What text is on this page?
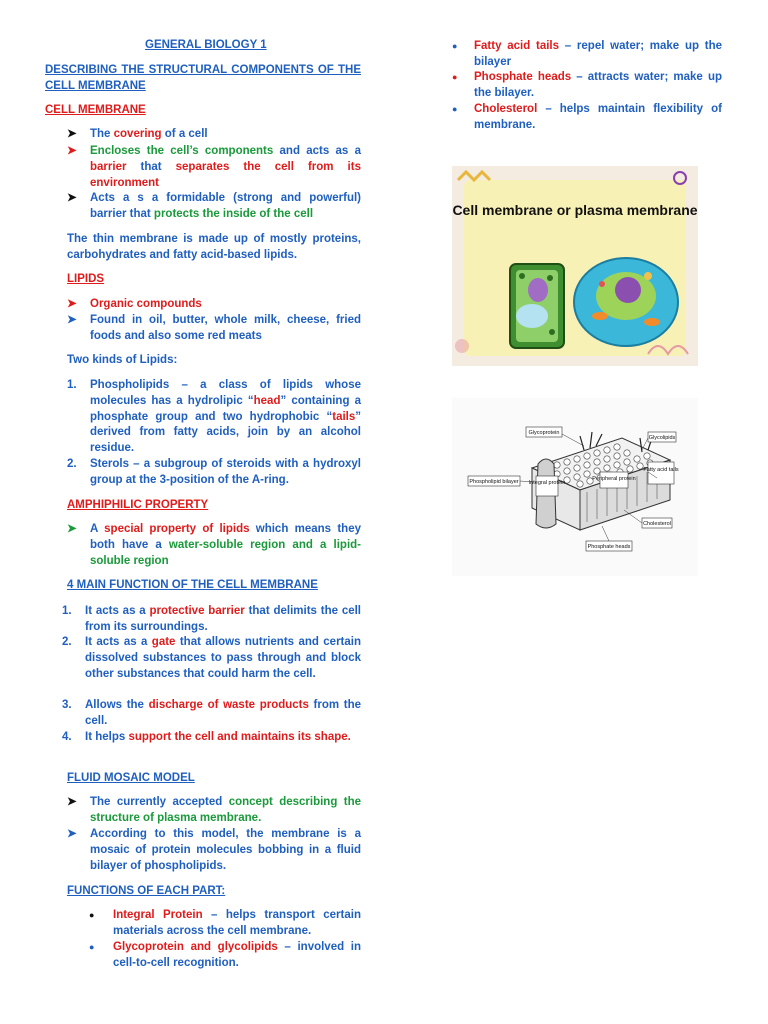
GENERAL BIOLOGY 1
DESCRIBING THE STRUCTURAL COMPONENTS OF THE CELL MEMBRANE
CELL MEMBRANE
➤	The covering of a cell
➤	Encloses the cell’s components and acts as a barrier that separates the cell from its environment
➤	Acts a s a formidable (strong and powerful) barrier that protects the inside of the cell
The thin membrane is made up of mostly proteins, carbohydrates and fatty acid-based lipids.
LIPIDS
➤	Organic compounds
➤	Found in oil, butter, whole milk, cheese, fried foods and also some red meats
Two kinds of Lipids:
1. Phospholipids – a class of lipids whose molecules has a hydrolipic “head” containing a phosphate group and two hydrophobic “tails” derived from fatty acids, join by an alcohol residue.
2. Sterols – a subgroup of steroids with a hydroxyl group at the 3-position of the A-ring.
AMPHIPHILIC PROPERTY
➤	A special property of lipids which means they both have a water-soluble region and a lipid-soluble region
4 MAIN FUNCTION OF THE CELL MEMBRANE
1. It acts as a protective barrier that delimits the cell from its surroundings.
2. It acts as a gate that allows nutrients and certain dissolved substances to pass through and block other substances that could harm the cell.
3. Allows the discharge of waste products from the cell.
4. It helps support the cell and maintains its shape.
FLUID MOSAIC MODEL
➤	The currently accepted concept describing the structure of plasma membrane.
➤	According to this model, the membrane is a mosaic of protein molecules bobbing in a fluid bilayer of phospholipids.
FUNCTIONS OF EACH PART:
●	Integral Protein – helps transport certain materials across the cell membrane.
●	Glycoprotein and glycolipids – involved in cell-to-cell recognition.
●	Fatty acid tails – repel water; make up the bilayer
●	Phosphate heads – attracts water; make up the bilayer.
●	Cholesterol – helps maintain flexibility of membrane.
Cell membrane or plasma membrane
Glycoprotein
Glycolipids
Fatty acid tails
Phospholipid bilayer Integral protein
Peripheral protein
Cholesterol
Phosphate heads
